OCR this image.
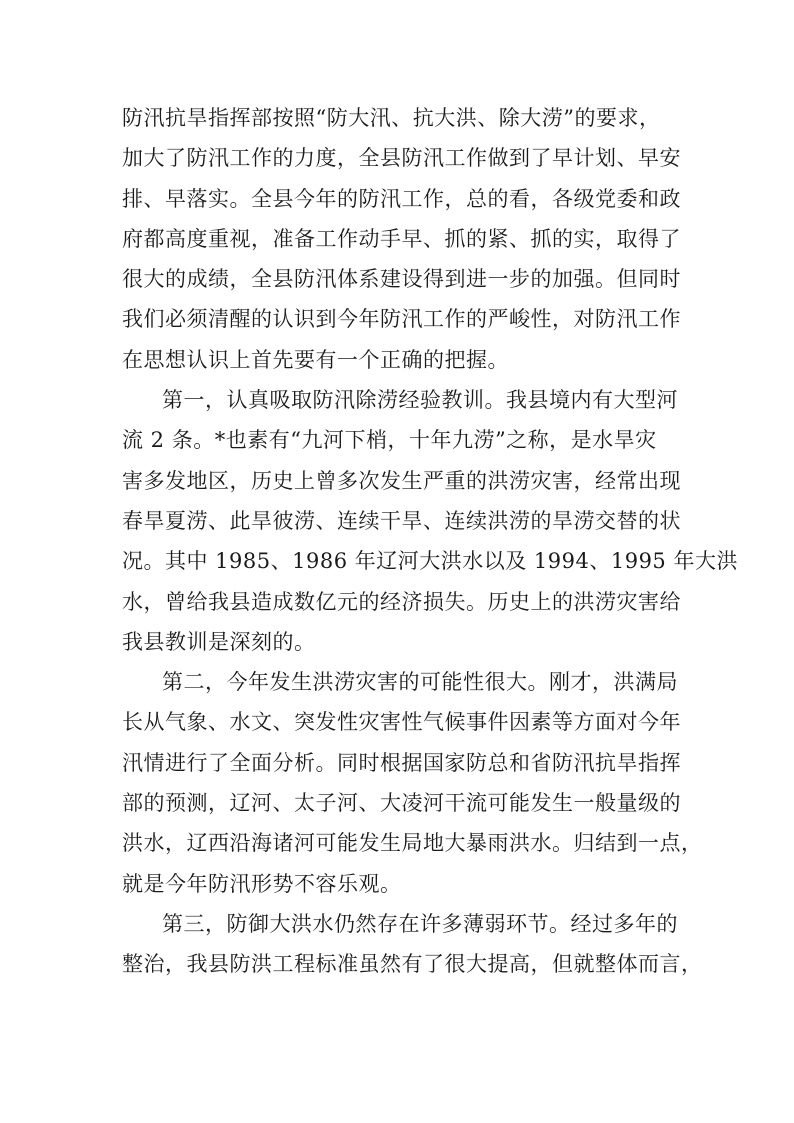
防汛抗旱指挥部按照“防大汛、抗大洪、除大涝”的要求，
加大了防汛工作的力度，全县防汛工作做到了早计划、早安
排、早落实。全县今年的防汛工作，总的看，各级党委和政
府都高度重视，准备工作动手早、抓的紧、抓的实，取得了
很大的成绩，全县防汛体系建设得到进一步的加强。但同时
我们必须清醒的认识到今年防汛工作的严峻性，对防汛工作
在思想认识上首先要有一个正确的把握。
第一，认真吸取防汛除涝经验教训。我县境内有大型河
流 2 条。*也素有“九河下梢，十年九涝”之称，是水旱灾
害多发地区，历史上曾多次发生严重的洪涝灾害，经常出现
春旱夏涝、此旱彼涝、连续干旱、连续洪涝的旱涝交替的状
况。其中 1985、1986 年辽河大洪水以及 1994、1995 年大洪
水，曾给我县造成数亿元的经济损失。历史上的洪涝灾害给
我县教训是深刻的。
第二，今年发生洪涝灾害的可能性很大。刚才，洪满局
长从气象、水文、突发性灾害性气候事件因素等方面对今年
汛情进行了全面分析。同时根据国家防总和省防汛抗旱指挥
部的预测，辽河、太子河、大凌河干流可能发生一般量级的
洪水，辽西沿海诸河可能发生局地大暴雨洪水。归结到一点，
就是今年防汛形势不容乐观。
第三，防御大洪水仍然存在许多薄弱环节。经过多年的
整治，我县防洪工程标准虽然有了很大提高，但就整体而言，
